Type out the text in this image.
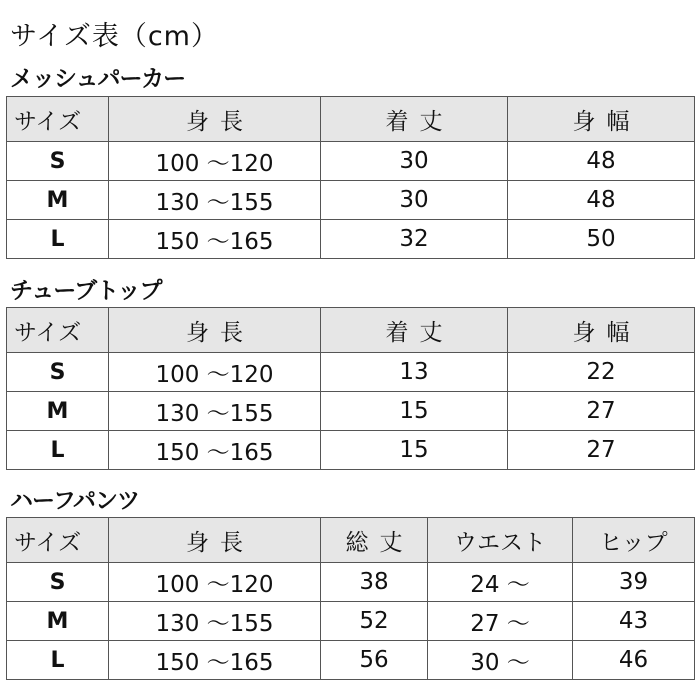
サイズ表（cm）
メッシュパーカー
サイズ	身長	着丈	身幅
S	100 〜120	30	48
M	130 〜155	30	48
L	150 〜165	32	50
チューブトップ
サイズ	身長	着丈	身幅
S	100 〜120	13	22
M	130 〜155	15	27
L	150 〜165	15	27
ハーフパンツ
サイズ	身長	総丈	ウエスト	ヒップ
S	100 〜120	38	24 〜	39
M	130 〜155	52	27 〜	43
L	150 〜165	56	30 〜	46
